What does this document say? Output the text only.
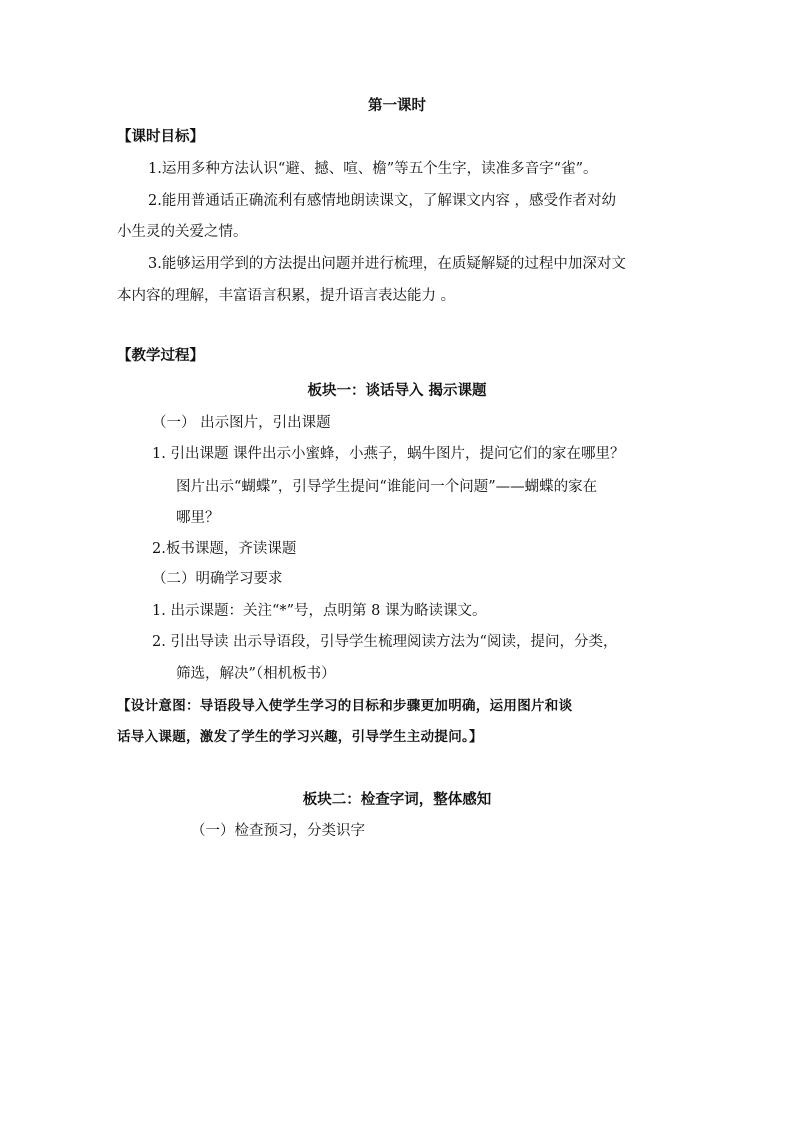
第一课时
【课时目标】
1.运用多种方法认识“避、撼、喧、檐”等五个生字，读准多音字“雀”。
2.能用普通话正确流利有感情地朗读课文，了解课文内容 ，感受作者对幼
小生灵的关爱之情。
3.能够运用学到的方法提出问题并进行梳理，在质疑解疑的过程中加深对文
本内容的理解，丰富语言积累，提升语言表达能力 。
【教学过程】
板块一：谈话导入 揭示课题
（一） 出示图片，引出课题
1. 引出课题 课件出示小蜜蜂，小燕子，蜗牛图片，提问它们的家在哪里？
图片出示“蝴蝶”，引导学生提问“谁能问一个问题”——蝴蝶的家在
哪里？
2.板书课题，齐读课题
（二）明确学习要求
1. 出示课题：关注“*”号，点明第 8 课为略读课文。
2. 引出导读 出示导语段，引导学生梳理阅读方法为“阅读，提问，分类，
筛选，解决”（相机板书）
【设计意图：导语段导入使学生学习的目标和步骤更加明确，运用图片和谈
话导入课题，激发了学生的学习兴趣，引导学生主动提问。】
板块二：检查字词，整体感知
（一）检查预习，分类识字
